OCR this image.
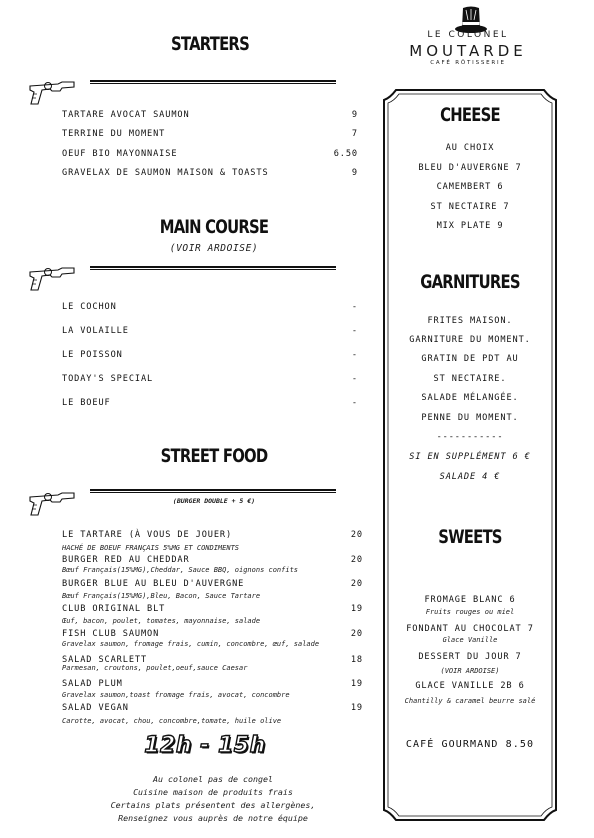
LE COLONEL
MOUTARDE
CAFÉ RÔTISSERIE
STARTERS
TARTARE AVOCAT SAUMON	9
TERRINE DU MOMENT	7
OEUF BIO MAYONNAISE	6.50
GRAVELAX DE SAUMON MAISON & TOASTS	9
MAIN COURSE
(VOIR ARDOISE)
LE COCHON	-
LA VOLAILLE	-
LE POISSON	-
TODAY'S SPECIAL	-
LE BOEUF	-
STREET FOOD
(BURGER DOUBLE + 5 €)
LE TARTARE (À VOUS DE JOUER)	20
HACHÉ DE BOEUF FRANÇAIS 5%MG ET CONDIMENTS
BURGER RED AU CHEDDAR	20
Bœuf Français(15%MG),Cheddar, Sauce BBQ, oignons confits
BURGER BLUE AU BLEU D'AUVERGNE	20
Bœuf Français(15%MG),Bleu, Bacon, Sauce Tartare
CLUB ORIGINAL BLT	19
Œuf, bacon, poulet, tomates, mayonnaise, salade
FISH CLUB SAUMON	20
Gravelax saumon, fromage frais, cumin, concombre, œuf, salade
SALAD SCARLETT	18
Parmesan, croutons, poulet,oeuf,sauce Caesar
SALAD PLUM	19
Gravelax saumon,toast fromage frais, avocat, concombre
SALAD VEGAN	19
Carotte, avocat, chou, concombre,tomate, huile olive
12h - 15h
Au colonel pas de congel
Cuisine maison de produits frais
Certains plats présentent des allergènes,
Renseignez vous auprès de notre équipe
CHEESE
AU CHOIX
BLEU D'AUVERGNE 7
CAMEMBERT 6
ST NECTAIRE 7
MIX PLATE 9
GARNITURES
FRITES MAISON.
GARNITURE DU MOMENT.
GRATIN DE PDT AU
ST NECTAIRE.
SALADE MÉLANGÉE.
PENNE DU MOMENT.
-----------
SI EN SUPPLÉMENT 6 €
SALADE 4 €
SWEETS
FROMAGE BLANC 6
Fruits rouges ou miel
FONDANT AU CHOCOLAT 7
Glace Vanille
DESSERT DU JOUR 7
(VOIR ARDOISE)
GLACE VANILLE 2B 6
Chantilly & caramel beurre salé
CAFÉ GOURMAND 8.50
